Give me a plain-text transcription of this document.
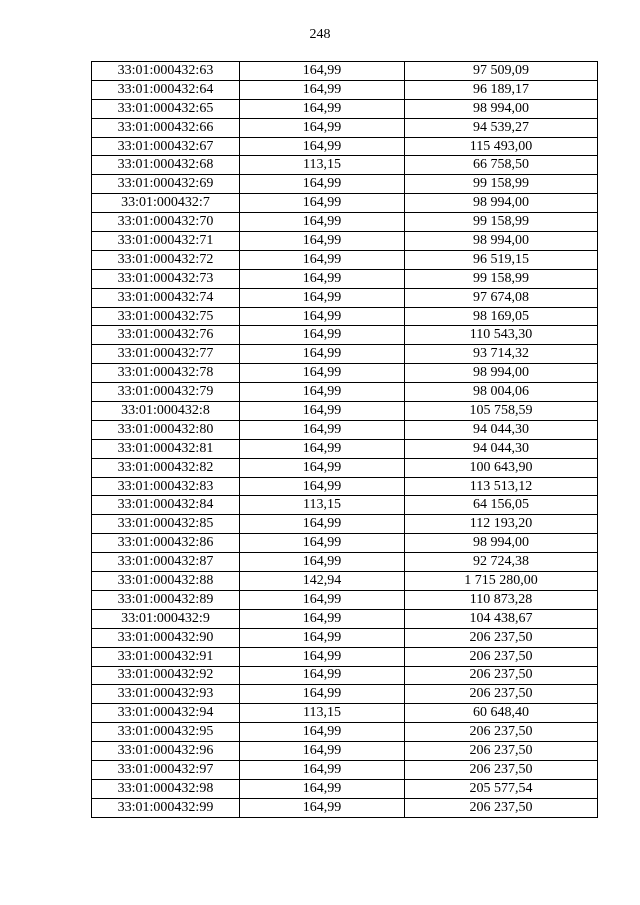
248
33:01:000432:63	164,99	97 509,09
33:01:000432:64	164,99	96 189,17
33:01:000432:65	164,99	98 994,00
33:01:000432:66	164,99	94 539,27
33:01:000432:67	164,99	115 493,00
33:01:000432:68	113,15	66 758,50
33:01:000432:69	164,99	99 158,99
33:01:000432:7	164,99	98 994,00
33:01:000432:70	164,99	99 158,99
33:01:000432:71	164,99	98 994,00
33:01:000432:72	164,99	96 519,15
33:01:000432:73	164,99	99 158,99
33:01:000432:74	164,99	97 674,08
33:01:000432:75	164,99	98 169,05
33:01:000432:76	164,99	110 543,30
33:01:000432:77	164,99	93 714,32
33:01:000432:78	164,99	98 994,00
33:01:000432:79	164,99	98 004,06
33:01:000432:8	164,99	105 758,59
33:01:000432:80	164,99	94 044,30
33:01:000432:81	164,99	94 044,30
33:01:000432:82	164,99	100 643,90
33:01:000432:83	164,99	113 513,12
33:01:000432:84	113,15	64 156,05
33:01:000432:85	164,99	112 193,20
33:01:000432:86	164,99	98 994,00
33:01:000432:87	164,99	92 724,38
33:01:000432:88	142,94	1 715 280,00
33:01:000432:89	164,99	110 873,28
33:01:000432:9	164,99	104 438,67
33:01:000432:90	164,99	206 237,50
33:01:000432:91	164,99	206 237,50
33:01:000432:92	164,99	206 237,50
33:01:000432:93	164,99	206 237,50
33:01:000432:94	113,15	60 648,40
33:01:000432:95	164,99	206 237,50
33:01:000432:96	164,99	206 237,50
33:01:000432:97	164,99	206 237,50
33:01:000432:98	164,99	205 577,54
33:01:000432:99	164,99	206 237,50
